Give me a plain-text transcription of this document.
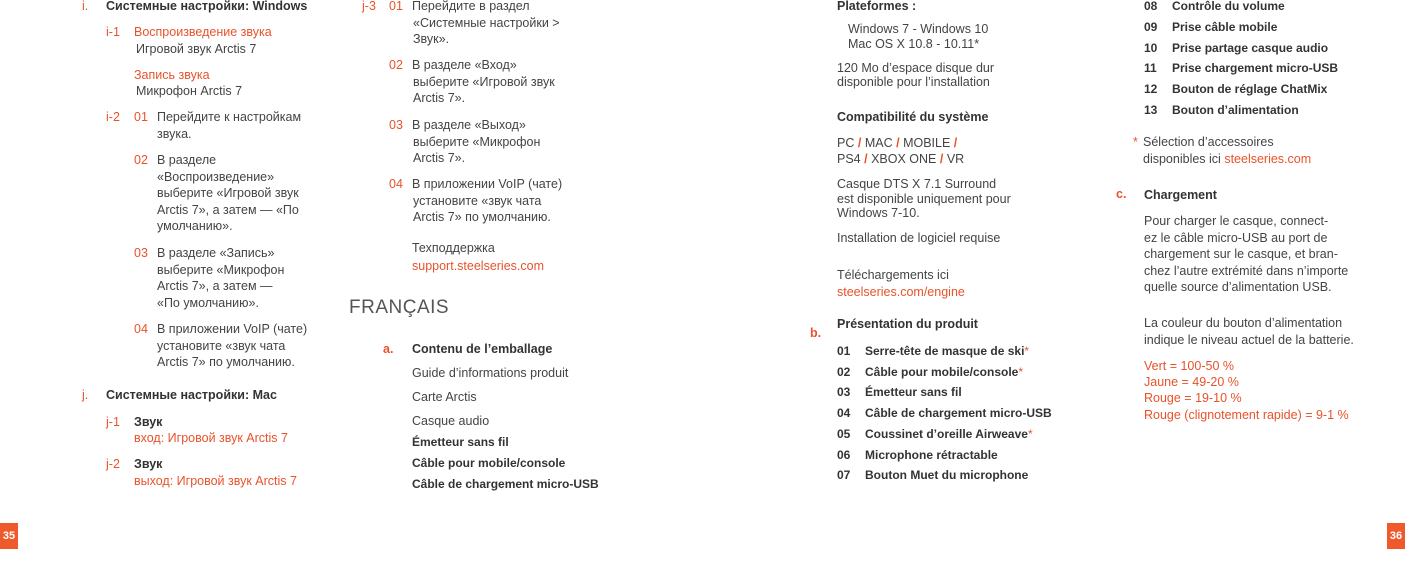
i. Системные настройки: Windows
i-1 Воспроизведение звука
Игровой звук Arctis 7
Запись звука
Микрофон Arctis 7
i-2 01 Перейдите к настройкам
звука.
02 В разделе
«Воспроизведение»
выберите «Игровой звук
Arctis 7», а затем — «По
умолчанию».
03 В разделе «Запись»
выберите «Микрофон
Arctis 7», а затем —
«По умолчанию».
04 В приложении VoIP (чате)
установите «звук чата
Arctis 7» по умолчанию.
j. Системные настройки: Mac
j-1 Звук
вход: Игровой звук Arctis 7
j-2 Звук
выход: Игровой звук Arctis 7
35
j-3 01 Перейдите в раздел
«Системные настройки >
Звук».
02 В разделе «Вход»
выберите «Игровой звук
Arctis 7».
03 В разделе «Выход»
выберите «Микрофон
Arctis 7».
04 В приложении VoIP (чате)
установите «звук чата
Arctis 7» по умолчанию.
Техподдержка
support.steelseries.com
FRANÇAIS
a. Contenu de l’emballage
Guide d’informations produit
Carte Arctis
Casque audio
Émetteur sans fil
Câble pour mobile/console
Câble de chargement micro-USB
Plateformes :
Windows 7 - Windows 10
Mac OS X 10.8 - 10.11*
120 Mo d’espace disque dur
disponible pour l’installation
Compatibilité du système
PC / MAC / MOBILE /
PS4 / XBOX ONE / VR
Casque DTS X 7.1 Surround
est disponible uniquement pour
Windows 7-10.
Installation de logiciel requise
Téléchargements ici
steelseries.com/engine
b.
Présentation du produit
01 Serre-tête de masque de ski*
02 Câble pour mobile/console*
03 Émetteur sans fil
04 Câble de chargement micro-USB
05 Coussinet d’oreille Airweave*
06 Microphone rétractable
07 Bouton Muet du microphone
08 Contrôle du volume
09 Prise câble mobile
10 Prise partage casque audio
11 Prise chargement micro-USB
12 Bouton de réglage ChatMix
13 Bouton d’alimentation
* Sélection d’accessoires
disponibles ici steelseries.com
c. Chargement
Pour charger le casque, connect-
ez le câble micro-USB au port de
chargement sur le casque, et bran-
chez l’autre extrémité dans n’importe
quelle source d’alimentation USB.
La couleur du bouton d’alimentation
indique le niveau actuel de la batterie.
Vert = 100-50 %
Jaune = 49-20 %
Rouge = 19-10 %
Rouge (clignotement rapide) = 9-1 %
36
